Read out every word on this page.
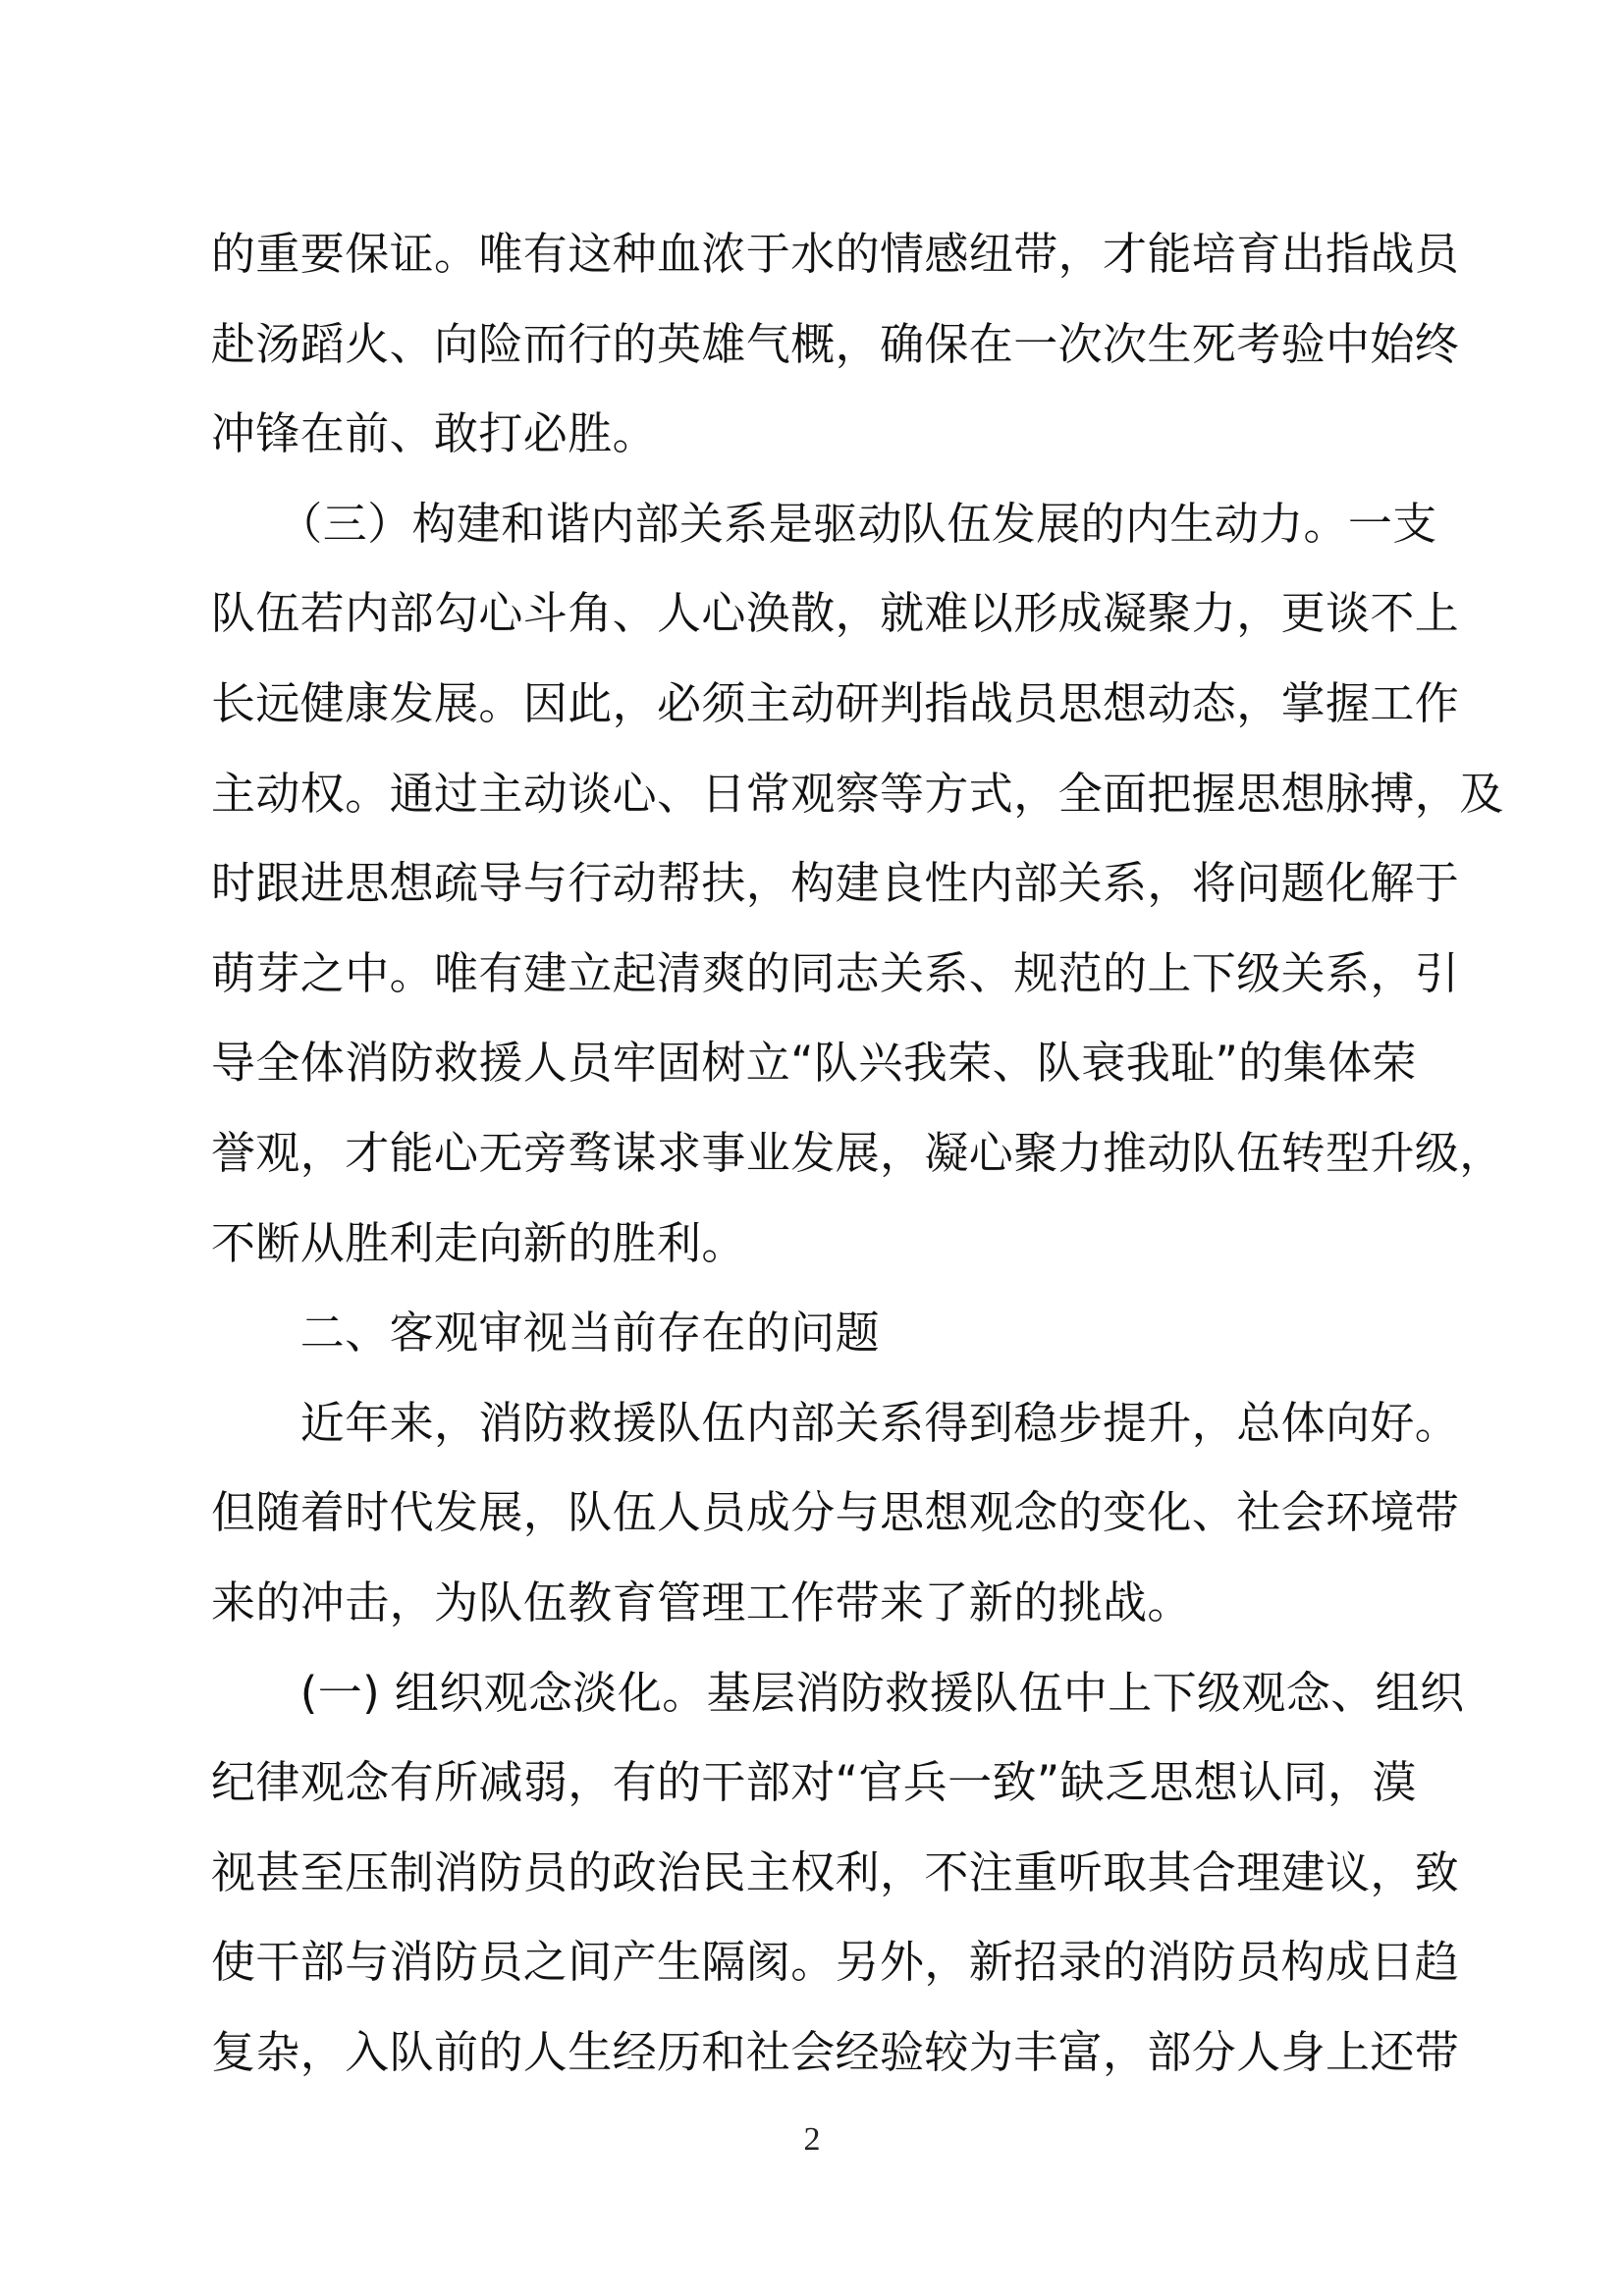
的重要保证。唯有这种血浓于水的情感纽带，才能培育出指战员
赴汤蹈火、向险而行的英雄气概，确保在一次次生死考验中始终
冲锋在前、敢打必胜。
　　（三）构建和谐内部关系是驱动队伍发展的内生动力。一支
队伍若内部勾心斗角、人心涣散，就难以形成凝聚力，更谈不上
长远健康发展。因此，必须主动研判指战员思想动态，掌握工作
主动权。通过主动谈心、日常观察等方式，全面把握思想脉搏，及
时跟进思想疏导与行动帮扶，构建良性内部关系，将问题化解于
萌芽之中。唯有建立起清爽的同志关系、规范的上下级关系，引
导全体消防救援人员牢固树立“队兴我荣、队衰我耻”的集体荣
誉观，才能心无旁骛谋求事业发展，凝心聚力推动队伍转型升级，
不断从胜利走向新的胜利。
　　二、客观审视当前存在的问题
　　近年来，消防救援队伍内部关系得到稳步提升，总体向好。
但随着时代发展，队伍人员成分与思想观念的变化、社会环境带
来的冲击，为队伍教育管理工作带来了新的挑战。
　　(一) 组织观念淡化。基层消防救援队伍中上下级观念、组织
纪律观念有所减弱，有的干部对“官兵一致”缺乏思想认同，漠
视甚至压制消防员的政治民主权利，不注重听取其合理建议，致
使干部与消防员之间产生隔阂。另外，新招录的消防员构成日趋
复杂，入队前的人生经历和社会经验较为丰富，部分人身上还带
2
